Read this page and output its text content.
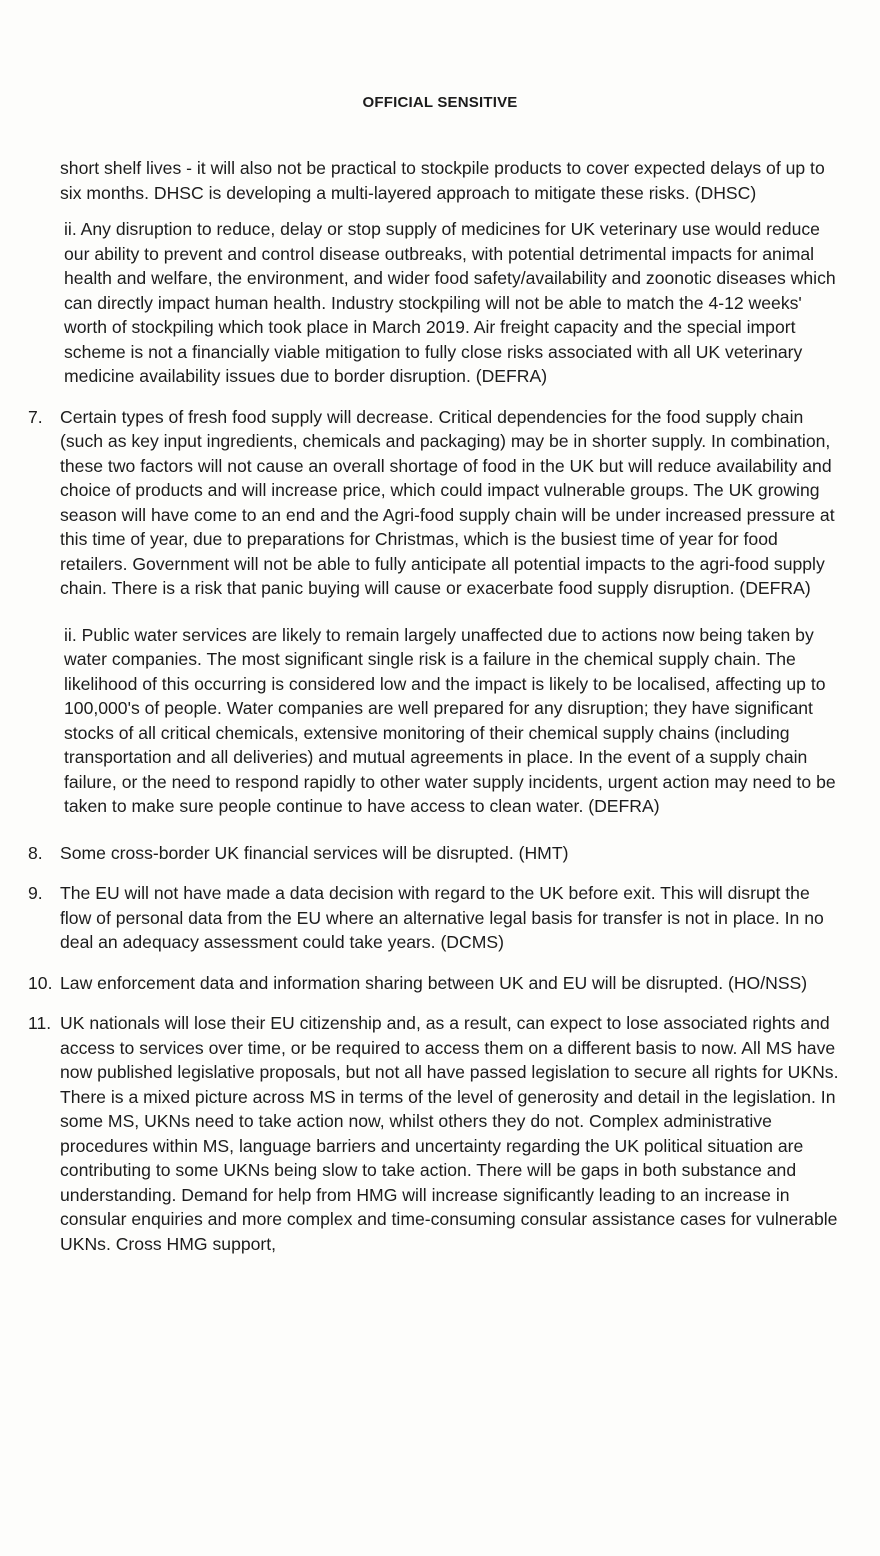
OFFICIAL SENSITIVE

short shelf lives - it will also not be practical to stockpile products to cover expected delays of up to six months. DHSC is developing a multi-layered approach to mitigate these risks. (DHSC)

ii. Any disruption to reduce, delay or stop supply of medicines for UK veterinary use would reduce our ability to prevent and control disease outbreaks, with potential detrimental impacts for animal health and welfare, the environment, and wider food safety/availability and zoonotic diseases which can directly impact human health. Industry stockpiling will not be able to match the 4-12 weeks' worth of stockpiling which took place in March 2019. Air freight capacity and the special import scheme is not a financially viable mitigation to fully close risks associated with all UK veterinary medicine availability issues due to border disruption. (DEFRA)

7. Certain types of fresh food supply will decrease. Critical dependencies for the food supply chain (such as key input ingredients, chemicals and packaging) may be in shorter supply. In combination, these two factors will not cause an overall shortage of food in the UK but will reduce availability and choice of products and will increase price, which could impact vulnerable groups. The UK growing season will have come to an end and the Agri-food supply chain will be under increased pressure at this time of year, due to preparations for Christmas, which is the busiest time of year for food retailers. Government will not be able to fully anticipate all potential impacts to the agri-food supply chain. There is a risk that panic buying will cause or exacerbate food supply disruption. (DEFRA)

ii. Public water services are likely to remain largely unaffected due to actions now being taken by water companies. The most significant single risk is a failure in the chemical supply chain. The likelihood of this occurring is considered low and the impact is likely to be localised, affecting up to 100,000's of people. Water companies are well prepared for any disruption; they have significant stocks of all critical chemicals, extensive monitoring of their chemical supply chains (including transportation and all deliveries) and mutual agreements in place. In the event of a supply chain failure, or the need to respond rapidly to other water supply incidents, urgent action may need to be taken to make sure people continue to have access to clean water. (DEFRA)

8. Some cross-border UK financial services will be disrupted. (HMT)

9. The EU will not have made a data decision with regard to the UK before exit. This will disrupt the flow of personal data from the EU where an alternative legal basis for transfer is not in place. In no deal an adequacy assessment could take years. (DCMS)

10. Law enforcement data and information sharing between UK and EU will be disrupted. (HO/NSS)

11. UK nationals will lose their EU citizenship and, as a result, can expect to lose associated rights and access to services over time, or be required to access them on a different basis to now. All MS have now published legislative proposals, but not all have passed legislation to secure all rights for UKNs. There is a mixed picture across MS in terms of the level of generosity and detail in the legislation. In some MS, UKNs need to take action now, whilst others they do not. Complex administrative procedures within MS, language barriers and uncertainty regarding the UK political situation are contributing to some UKNs being slow to take action. There will be gaps in both substance and understanding. Demand for help from HMG will increase significantly leading to an increase in consular enquiries and more complex and time-consuming consular assistance cases for vulnerable UKNs. Cross HMG support,
